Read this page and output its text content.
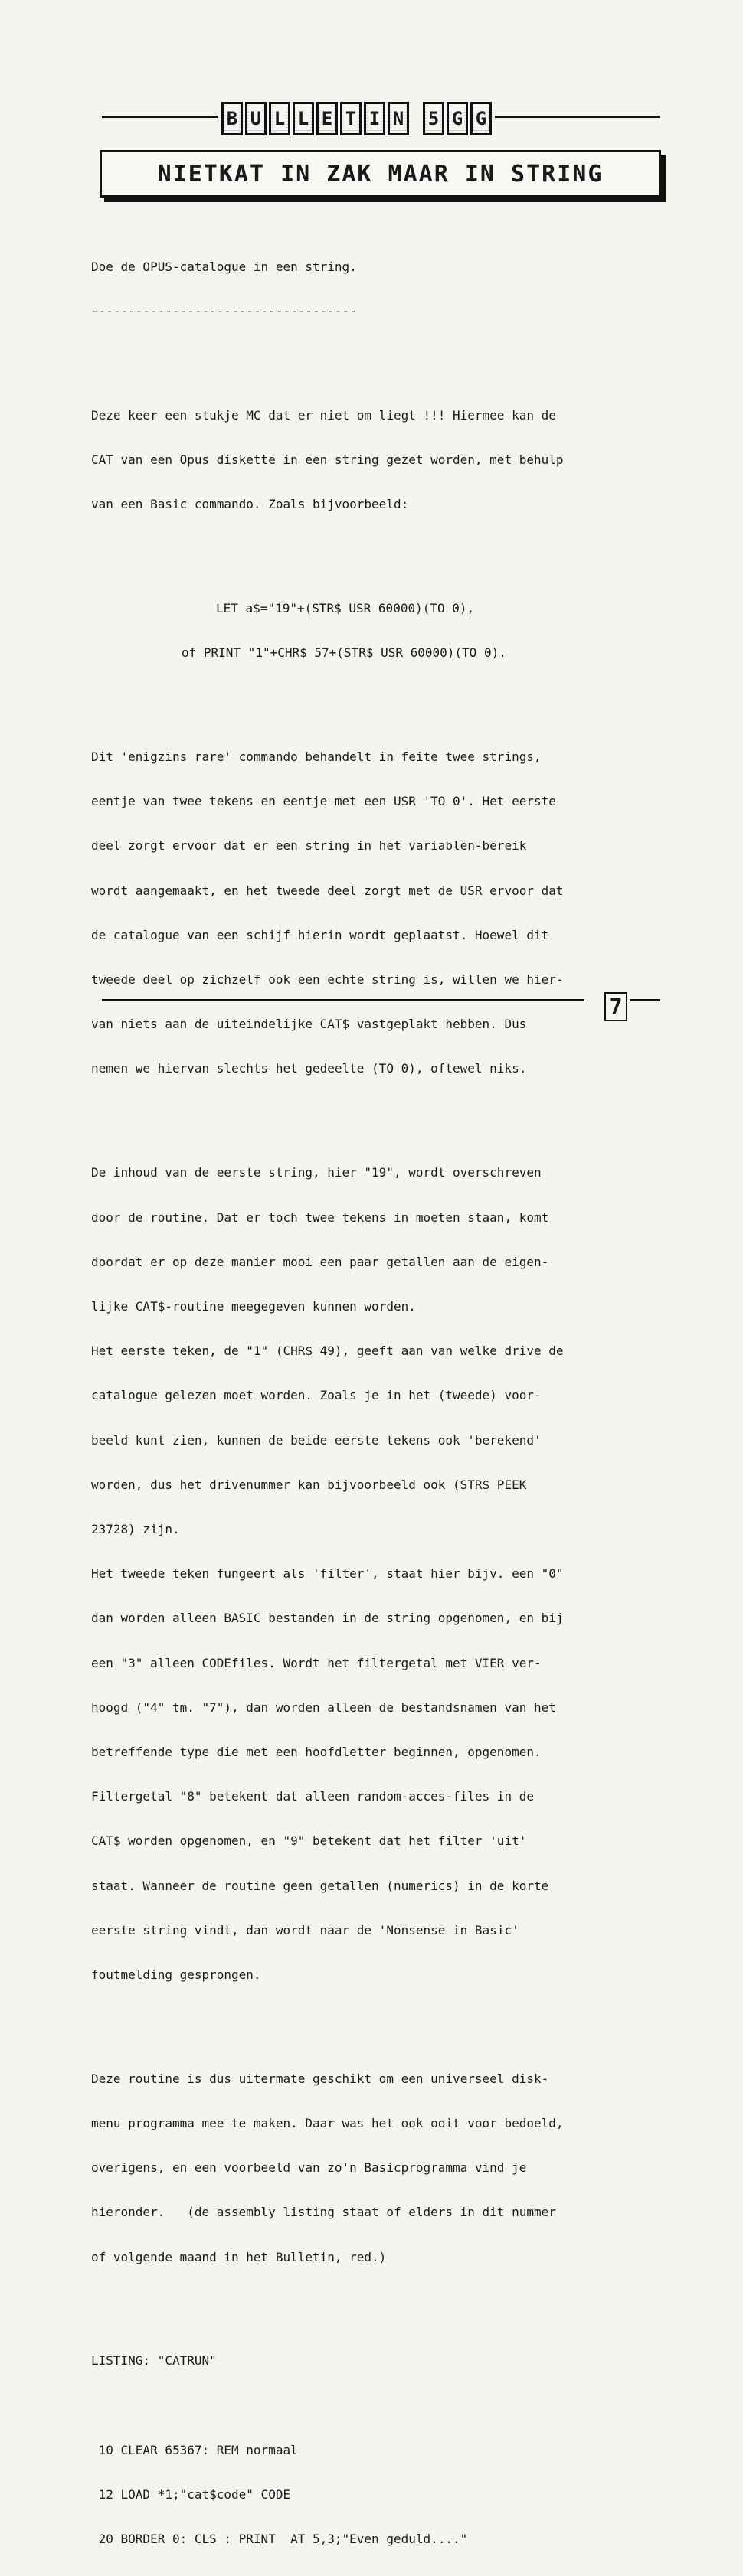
B U L L E T I N 5 G G
NIETKAT IN ZAK MAAR IN STRING

Doe de OPUS-catalogue in een string.

------------------------------------

Deze keer een stukje MC dat er niet om liegt !!! Hiermee kan de

CAT van een Opus diskette in een string gezet worden, met behulp

van een Basic commando. Zoals bijvoorbeeld:

LET a$="19"+(STR$ USR 60000)(TO 0),

of PRINT "1"+CHR$ 57+(STR$ USR 60000)(TO 0).

Dit 'enigzins rare' commando behandelt in feite twee strings,

eentje van twee tekens en eentje met een USR 'TO 0'. Het eerste

deel zorgt ervoor dat er een string in het variablen-bereik

wordt aangemaakt, en het tweede deel zorgt met de USR ervoor dat

de catalogue van een schijf hierin wordt geplaatst. Hoewel dit

tweede deel op zichzelf ook een echte string is, willen we hier-

van niets aan de uiteindelijke CAT$ vastgeplakt hebben. Dus

nemen we hiervan slechts het gedeelte (TO 0), oftewel niks.

De inhoud van de eerste string, hier "19", wordt overschreven

door de routine. Dat er toch twee tekens in moeten staan, komt

doordat er op deze manier mooi een paar getallen aan de eigen-

lijke CAT$-routine meegegeven kunnen worden.

Het eerste teken, de "1" (CHR$ 49), geeft aan van welke drive de

catalogue gelezen moet worden. Zoals je in het (tweede) voor-

beeld kunt zien, kunnen de beide eerste tekens ook 'berekend'

worden, dus het drivenummer kan bijvoorbeeld ook (STR$ PEEK

23728) zijn.

Het tweede teken fungeert als 'filter', staat hier bijv. een "0"

dan worden alleen BASIC bestanden in de string opgenomen, en bij

een "3" alleen CODEfiles. Wordt het filtergetal met VIER ver-

hoogd ("4" tm. "7"), dan worden alleen de bestandsnamen van het

betreffende type die met een hoofdletter beginnen, opgenomen.

Filtergetal "8" betekent dat alleen random-acces-files in de

CAT$ worden opgenomen, en "9" betekent dat het filter 'uit'

staat. Wanneer de routine geen getallen (numerics) in de korte

eerste string vindt, dan wordt naar de 'Nonsense in Basic'

foutmelding gesprongen.

Deze routine is dus uitermate geschikt om een universeel disk-

menu programma mee te maken. Daar was het ook ooit voor bedoeld,

overigens, en een voorbeeld van zo'n Basicprogramma vind je

hieronder.   (de assembly listing staat of elders in dit nummer

of volgende maand in het Bulletin, red.)

LISTING: "CATRUN"

10 CLEAR 65367: REM normaal

12 LOAD *1;"cat$code" CODE

20 BORDER 0: CLS : PRINT  AT 5,3;"Even geduld...."

7
